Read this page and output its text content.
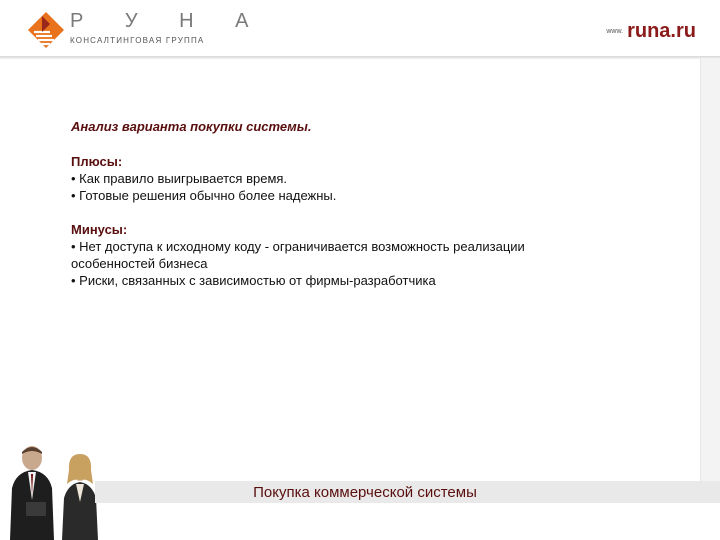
Р У Н А
КОНСАЛТИНГОВАЯ ГРУППА
www. runa.ru

Анализ варианта покупки системы.

Плюсы:

• Как правило выигрывается время.

• Готовые решения обычно более надежны.

Минусы:

• Нет доступа к исходному коду - ограничивается возможность реализации особенностей бизнеса

• Риски, связанных с зависимостью от фирмы-разработчика

Покупка коммерческой системы
